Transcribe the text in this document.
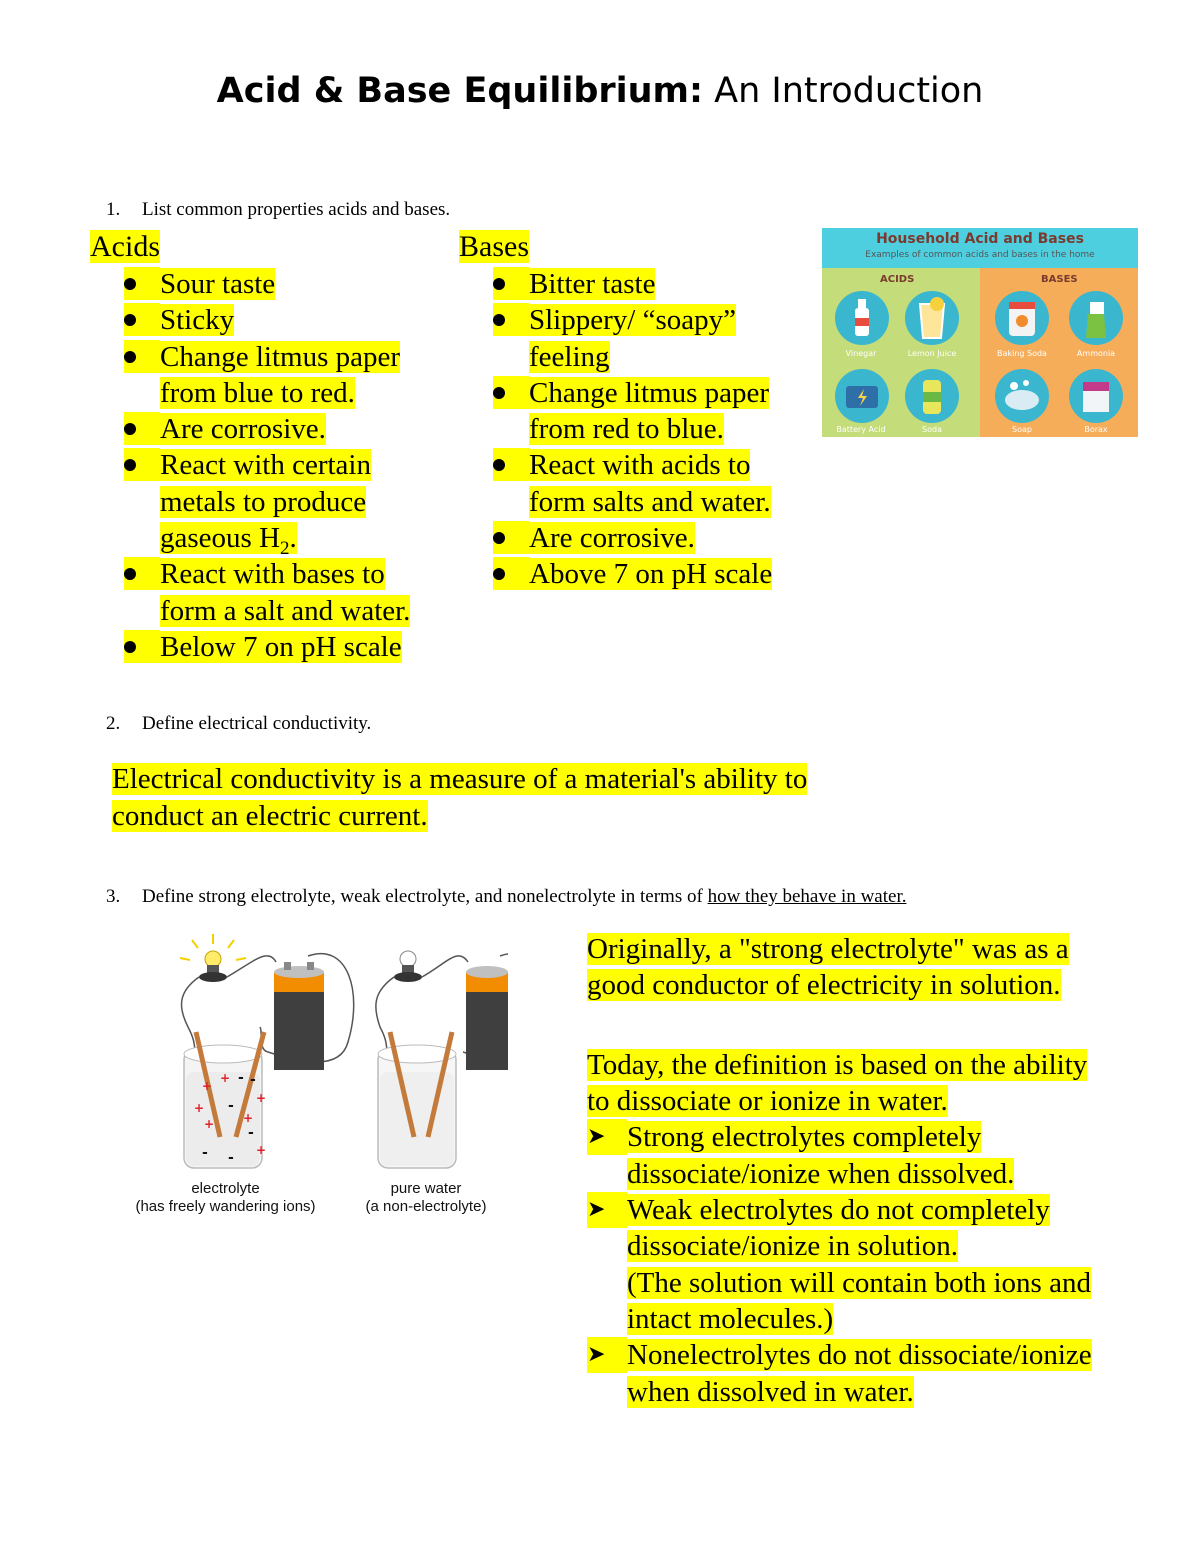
Acid & Base Equilibrium: An Introduction
1. List common properties acids and bases.
Acids
Sour taste
Sticky
Change litmus paper
from blue to red.
Are corrosive.
React with certain
metals to produce
gaseous $H_2$.
React with bases to
form a salt and water.
Below 7 on pH scale
Bases
Bitter taste
Slippery/ “soapy”
feeling
Change litmus paper
from red to blue.
React with acids to
form salts and water.
Are corrosive.
Above 7 on pH scale
Household Acid and Bases
Examples of common acids and bases in the home
ACIDS	BASES
Vinegar	Lemon Juice	Baking Soda	Ammonia
Battery Acid	Soda	Soap	Borax
2. Define electrical conductivity.
Electrical conductivity is a measure of a material's ability to
conduct an electric current.
3. Define strong electrolyte, weak electrolyte, and nonelectrolyte in terms of how they behave in water.
+
+
+
+ +
+
+
- -
-
-
- -
electrolyte
(has freely wandering ions)
pure water
(a non-electrolyte)
Originally, a "strong electrolyte" was as a
good conductor of electricity in solution.

Today, the definition is based on the ability
to dissociate or ionize in water.
➤ Strong electrolytes completely
dissociate/ionize when dissolved.
➤ Weak electrolytes do not completely
dissociate/ionize in solution.
(The solution will contain both ions and
intact molecules.)
➤ Nonelectrolytes do not dissociate/ionize
when dissolved in water.
